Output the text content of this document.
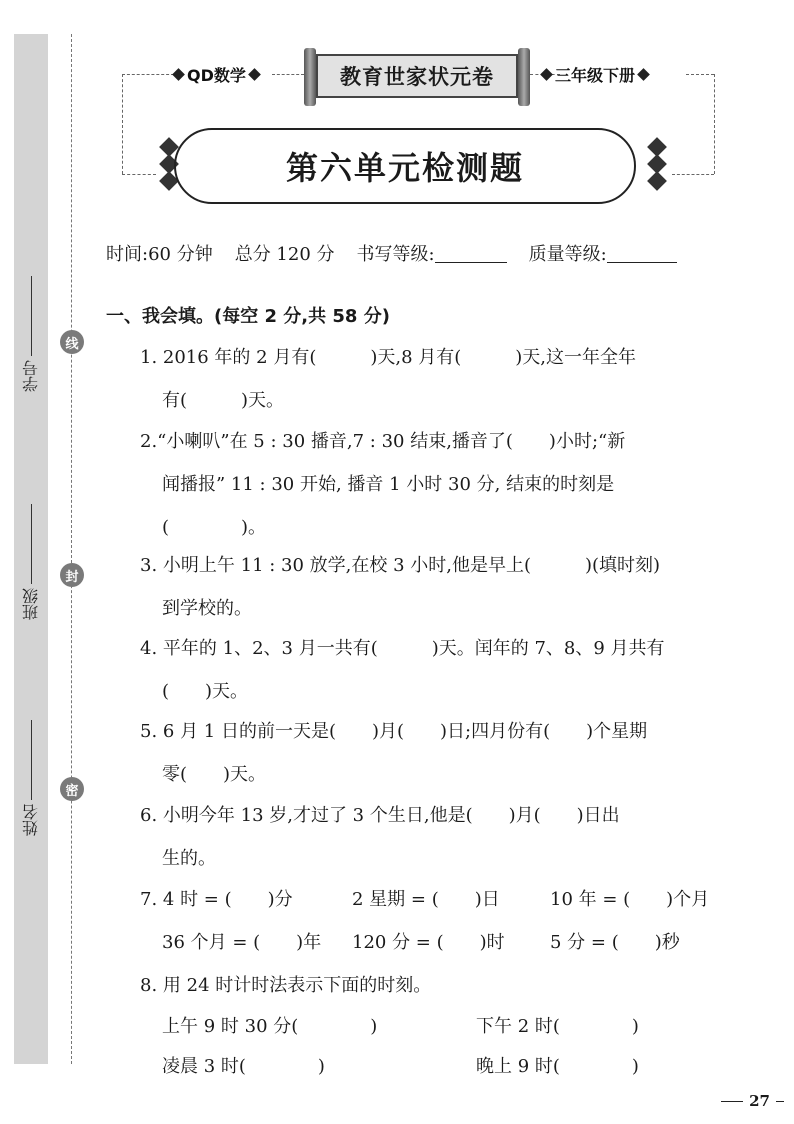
学号
班级
姓名
线
封
密
QD数学	教育世家状元卷	三年级下册
第六单元检测题
时间:60 分钟 总分 120 分 书写等级:	质量等级:
一、我会填。(每空 2 分,共 58 分)
1. 2016 年的 2 月有(　　　)天,8 月有(　　　)天,这一年全年
有(　　　)天。
2.“小喇叭”在 5 : 30 播音,7 : 30 结束,播音了(　　)小时;“新
闻播报” 11 : 30 开始, 播音 1 小时 30 分, 结束的时刻是
(　　　　)。
3. 小明上午 11 : 30 放学,在校 3 小时,他是早上(　　　)(填时刻)
到学校的。
4. 平年的 1、2、3 月一共有(　　　)天。闰年的 7、8、9 月共有
(　　)天。
5. 6 月 1 日的前一天是(　　)月(　　)日;四月份有(　　)个星期
零(　　)天。
6. 小明今年 13 岁,才过了 3 个生日,他是(　　)月(　　)日出
生的。
7. 4 时 = (　　)分	2 星期 = (　　)日	10 年 = (　　)个月
36 个月 = (　　)年 120 分 = (　　)时	5 分 = (　　)秒
8. 用 24 时计时法表示下面的时刻。
上午 9 时 30 分(　　　　)	下午 2 时(　　　　)
凌晨 3 时(　　　　)	晚上 9 时(　　　　)
27
